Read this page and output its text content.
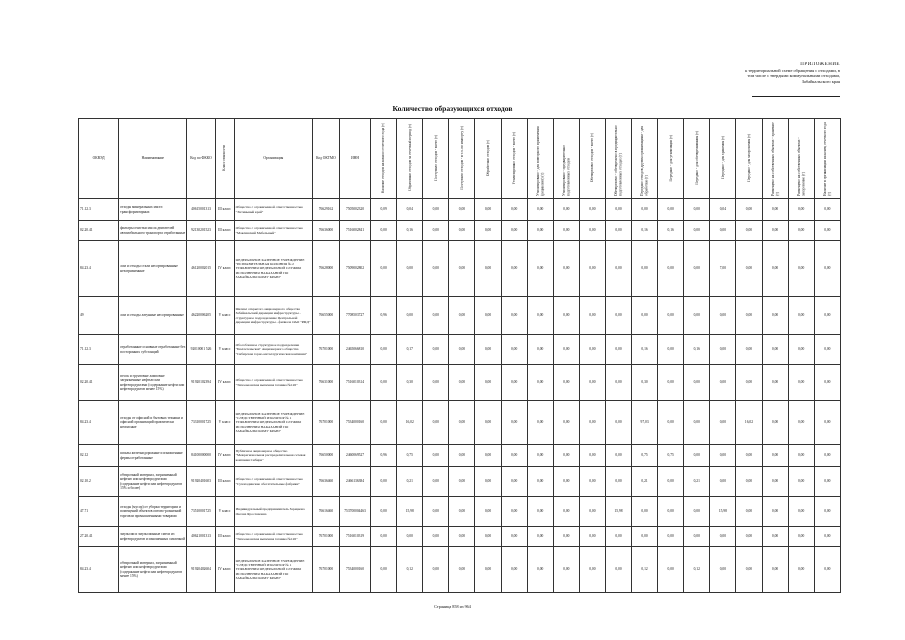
ПРИЛОЖЕНИЕ
к территориальной схеме обращения с отходами, в
том числе с твердыми коммунальными отходами,
Забайкальского края
Количество образующихся отходов
ОКВЭД	Наименование	Код по ФККО	Класс опасности	Организация	Код ОКТМО	ИНН	Наличие отходов на начало отчетного года (т)	Образовано отходов за отчетный период (т)	Поступило отходов - всего (т)	Поступило отходов - в т.ч. по импорту (т)	Обработано отходов (т)	Утилизировано отходов - всего (т)	Утилизировано - для повторного применения (рециклинг) (т)	Утилизировано - предварительно подготовленных отходов	Обезврежено отходов - всего (т)	Обезврежено - обезврежено в предварительно подготовленных отходах (т)	Передано отходов другим организациям - для обработки (т)	Передано - для утилизации (т)	Передано - для обезвреживания (т)	Передано - для хранения (т)	Передано - для захоронения (т)	Размещено на собственных объектах - хранение (т)	Размещено на собственных объектах - захоронение (т)	Наличие в организации на конец отчетного года (т)
71.12.3	отходы минеральных масел трансформаторных	40615001313	III класс	Общество с ограниченной ответственностью "Энтиньный край"	76629162	7505002320	0,09	0,04	0,00	0,00	0,00	0,00	0,00	0,00	0,00	0,00	0,00	0,00	0,00	0,04	0,00	0,00	0,00	0,00
02.20.41	фильтры очистки масла двигателей автомобильного транспорта отработанные	92130201523	III класс	Общество с ограниченной ответственностью "Маклинский Мебельный"	76636000	7516002841	0,00	0,16	0,00	0,00	0,00	0,00	0,00	0,00	0,00	0,00	0,16	0,16	0,00	0,00	0,00	0,00	0,00	0,00
84.23.4	лом и отходы стали несортированные незагрязненные	46120002015	IV класс	ФЕДЕРАЛЬНОЕ КАЗЕННОЕ УЧРЕЖДЕНИЕ "ИСПРАВИТЕЛЬНАЯ КОЛОНИЯ № 2 УПРАВЛЕНИЯ ФЕДЕРАЛЬНОЙ СЛУЖБЫ ИСПОЛНЕНИЯ НАКАЗАНИЙ ПО ЗАБАЙКАЛЬСКОМУ КРАЮ"	76628000	7509002802	0,00	0,00	0,00	0,00	0,00	0,00	0,00	0,00	0,00	0,00	0,00	0,00	0,00	7,00	0,00	0,00	0,00	0,00
49	лом и отходы латунные несортированные	46220006205	V класс	Филиал открытого акционерного общества Забайкальский дирекции инфраструктуры - структурное подразделение Центральной дирекции инфраструктуры - филиала ОАО "РЖД"	76655000	7708503727	0,96	0,00	0,00	0,00	0,00	0,00	0,00	0,00	0,00	0,00	0,00	0,00	0,00	0,00	0,00	0,00	0,00	0,00
71.12.3	отработанные основные отработанные без посторонних субстанций	92010001 526	V класс	Обособленное структурное подразделение "Бюллетеньская" Акционерного общества "Сибирская горно-металлургическая компания"	76701000	2465066810	0,00	0,17	0,00	0,00	0,00	0,00	0,00	0,00	0,00	0,00	0,16	0,00	0,16	0,00	0,00	0,00	0,00	0,00
02.20.41	песок и грунтовые ламповые загрязненные нефтью или нефтепродуктами (содержание нефти или нефтепродуктов менее 15%)	91920102394	IV класс	Общество с ограниченной ответственностью "Тихоокеанская выпечная техника №126"	76631000	7516010314	0,00	0,30	0,00	0,00	0,00	0,00	0,00	0,00	0,00	0,00	0,30	0,00	0,00	0,00	0,00	0,00	0,00	0,00
84.23.4	отходы от офисной и бытовых техники и офисной организаций практически неопасные	73310001725	V класс	ФЕДЕРАЛЬНОЕ КАЗЕННОЕ УЧРЕЖДЕНИЕ "СЛЕДСТВЕННЫЙ ИЗОЛЯТОР № 1 УПРАВЛЕНИЯ ФЕДЕРАЛЬНОЙ СЛУЖБЫ ИСПОЛНЕНИЯ НАКАЗАНИЙ ПО ЗАБАЙКАЛЬСКОМУ КРАЮ"	76701000	7534000160	0,00	16,02	0,00	0,00	0,00	0,00	0,00	0,00	0,00	0,00	97,03	0,00	0,00	0,00	16,02	0,00	0,00	0,00
02.12	шпалы железнодорожные и изношенные фермы отработанные	84100000000	IV класс	Публичное акционерное общество "Межрегиональная распределительная сетевая компания Сибири"	76650000	2460069527	0,96	0,75	0,00	0,00	0,00	0,00	0,00	0,00	0,00	0,00	0,75	0,75	0,00	0,00	0,00	0,00	0,00	0,00
02.10.2	обтирочный материал, загрязненный нефтью или нефтепродуктами (содержание нефти или нефтепродуктов 15% и более)	91920401603	III класс	Общество с ограниченной ответственностью "Сухопадинские обогатительные фабрики"	76636460	2466136384	0,00	0,21	0,00	0,00	0,00	0,00	0,00	0,00	0,00	0,00	0,21	0,00	0,21	0,00	0,00	0,00	0,00	0,00
47.71	отходы (мусор) от уборки территории и помещений объектов оптово-розничной торговли промышленными товарами	73510001725	V класс	Индивидуальный предприниматель Зарецкова Оксана Ярославовна	76616460	753700004463	0,00	15,98	0,00	0,00	0,00	0,00	0,00	0,00	0,00	15,98	0,00	0,00	0,00	15,98	0,00	0,00	0,00	0,00
27.20.41	эмульсии и эмульсионные смеси из нефтепродуктов и изношенных смазочной	40621001313	III класс	Общество с ограниченной ответственностью "Тихоокеанская выпечная техника №126"	76701000	7516010319	0,00	0,00	0,00	0,00	0,00	0,00	0,00	0,00	0,00	0,00	0,00	0,00	0,00	0,00	0,00	0,00	0,00	0,00
84.23.4	обтирочный материал, загрязненный нефтью или нефтепродуктами (содержание нефти или нефтепродуктов менее 15%)	91920402604	IV класс	ФЕДЕРАЛЬНОЕ КАЗЕННОЕ УЧРЕЖДЕНИЕ "СЛЕДСТВЕННЫЙ ИЗОЛЯТОР № 1 УПРАВЛЕНИЯ ФЕДЕРАЛЬНОЙ СЛУЖБЫ ИСПОЛНЕНИЯ НАКАЗАНИЙ ПО ЗАБАЙКАЛЬСКОМУ КРАЮ"	76701000	7534000160	0,00	0,12	0,00	0,00	0,00	0,00	0,00	0,00	0,00	0,00	0,12	0,00	0,12	0,00	0,00	0,00	0,00	0,00
Страница 858 из 964
